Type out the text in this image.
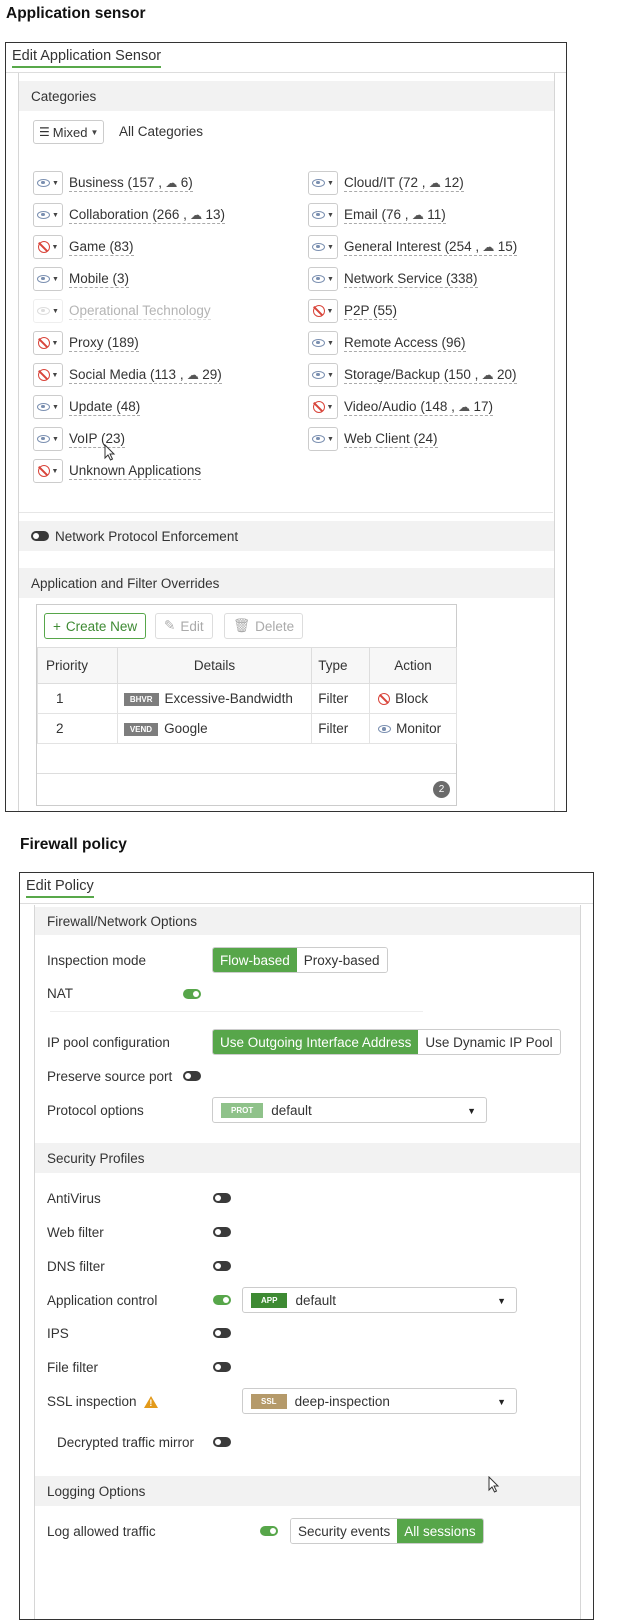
Application sensor
Edit Application Sensor
Categories
☰ Mixed ▼ All Categories
▼ Business (157 , ☁ 6)	▼ Cloud/IT (72 , ☁ 12)
▼ Collaboration (266 , ☁ 13)	▼ Email (76 , ☁ 11)
▼ Game (83)	▼ General Interest (254 , ☁ 15)
▼ Mobile (3)	▼ Network Service (338)
▼ Operational Technology	▼ P2P (55)
▼ Proxy (189)	▼ Remote Access (96)
▼ Social Media (113 , ☁ 29)	▼ Storage/Backup (150 , ☁ 20)
▼ Update (48)	▼ Video/Audio (148 , ☁ 17)
▼ VoIP (23)	▼ Web Client (24)
▼ Unknown Applications
Network Protocol Enforcement
Application and Filter Overrides
+ Create New ✎ Edit 🗑 Delete
Priority	Details	Type	Action
1	BHVR Excessive-Bandwidth	Filter	Block
2	VEND Google	Filter	Monitor
2
Firewall policy
Edit Policy
Firewall/Network Options
Inspection mode	Flow-based	Proxy-based
NAT
IP pool configuration	Use Outgoing Interface Address	Use Dynamic IP Pool
Preserve source port
Protocol options	PROT	default	▼
Security Profiles
AntiVirus
Web filter
DNS filter
Application control	APP	default	▼
IPS
File filter
SSL inspection !	SSL	deep-inspection	▼
Decrypted traffic mirror
Logging Options
Log allowed traffic	Security events	All sessions
